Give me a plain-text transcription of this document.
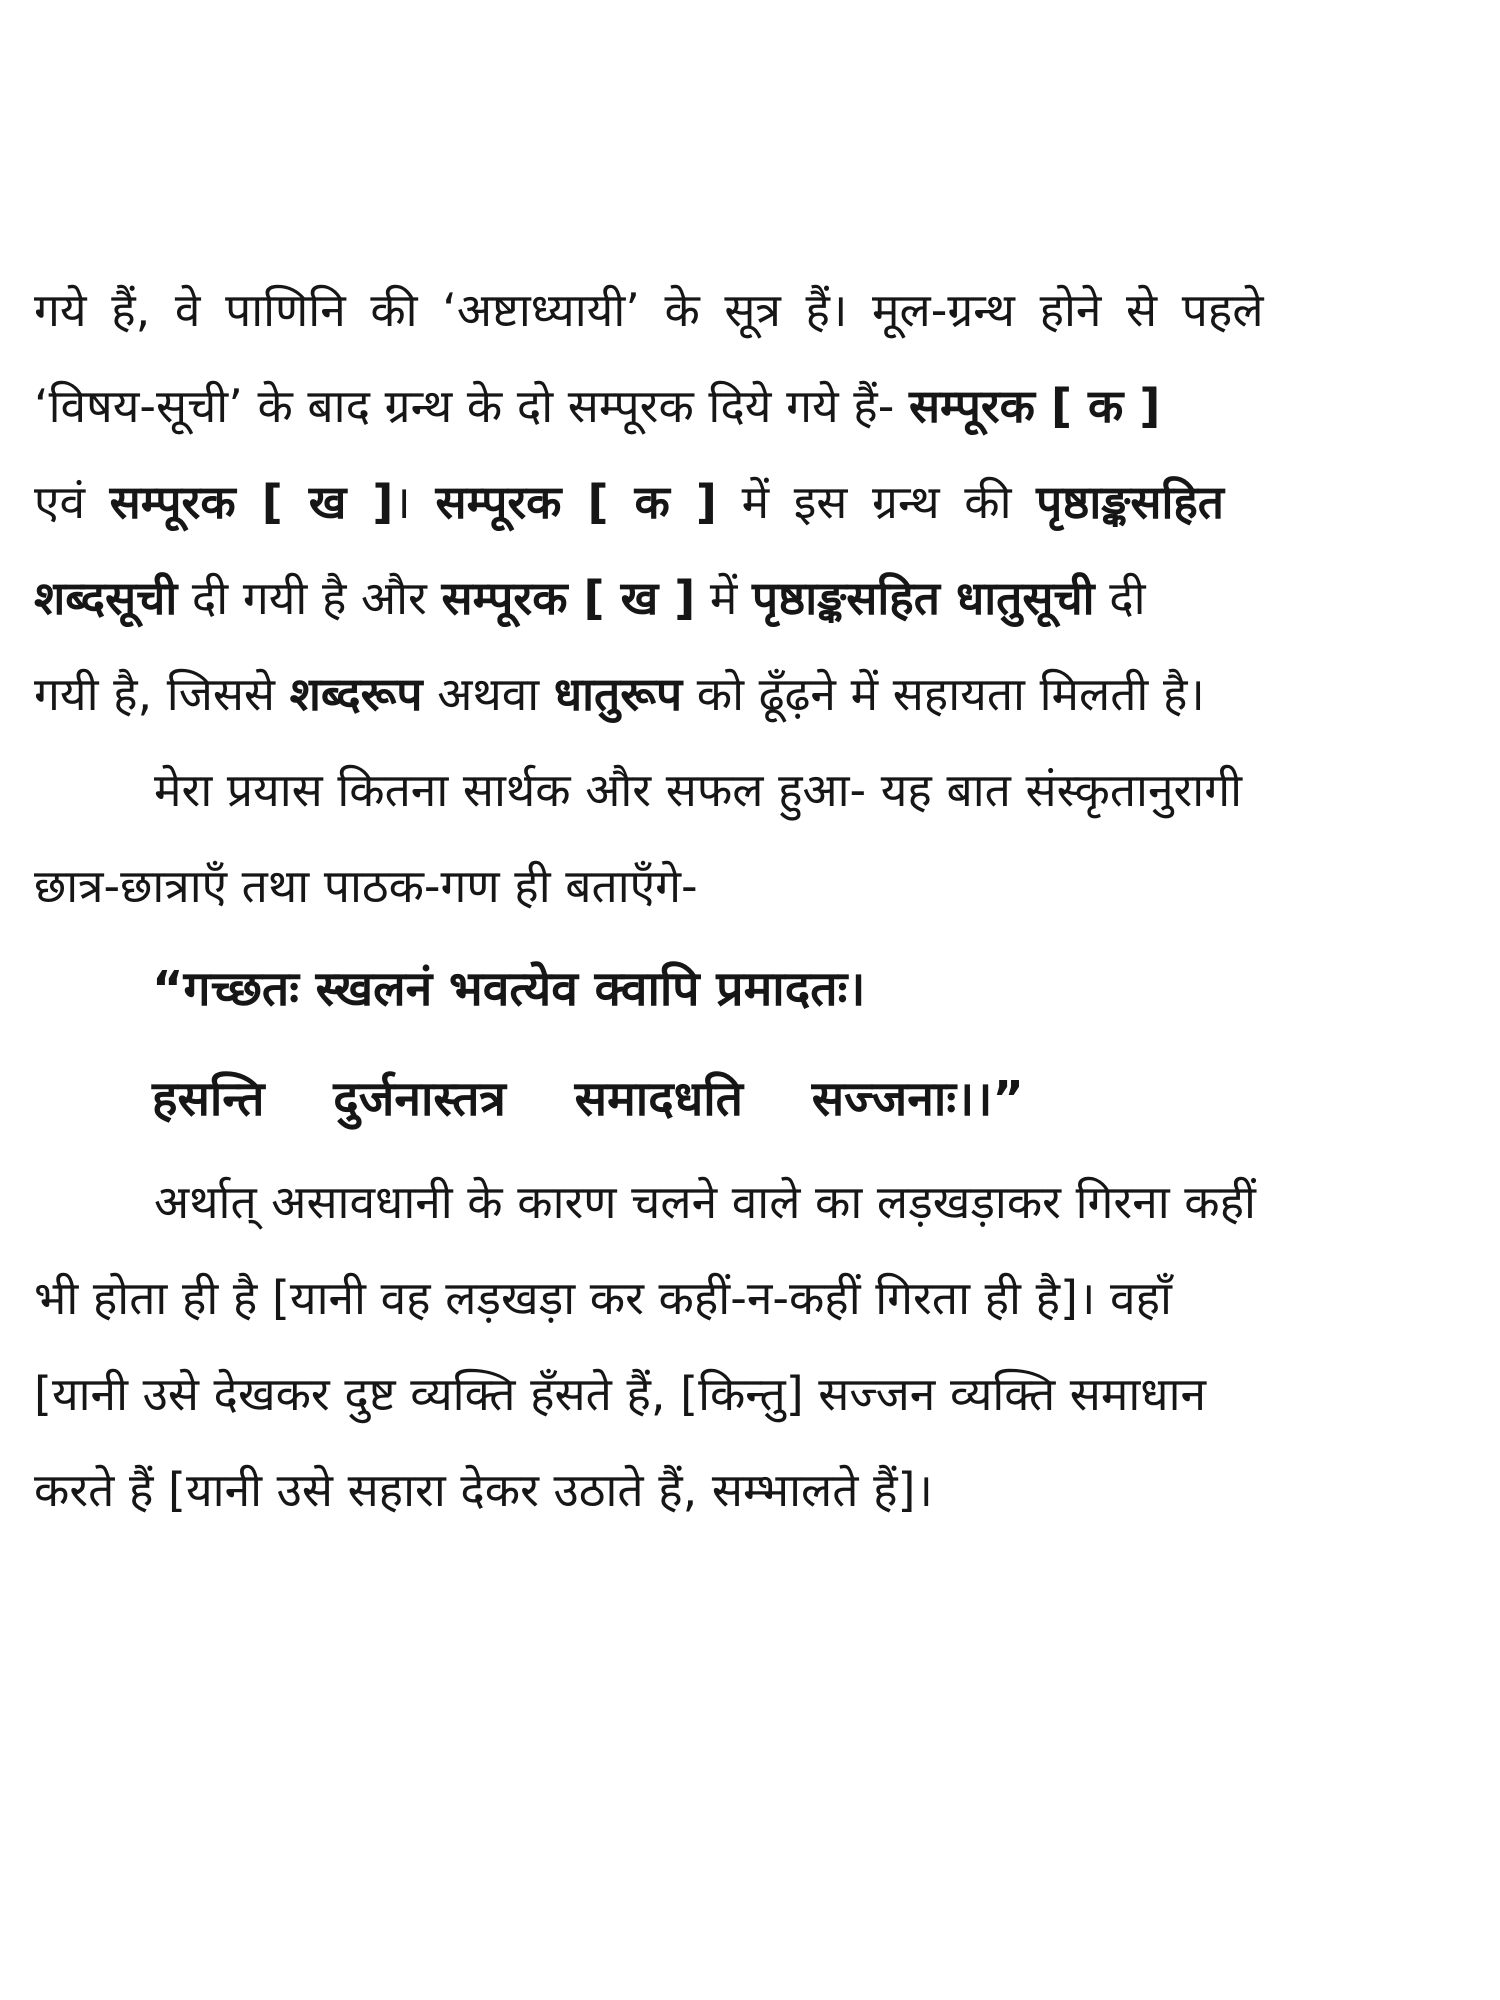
गये हैं, वे पाणिनि की ‘अष्टाध्यायी’ के सूत्र हैं। मूल-ग्रन्थ होने से पहले
‘विषय-सूची’ के बाद ग्रन्थ के दो सम्पूरक दिये गये हैं- सम्पूरक [ क ]
एवं सम्पूरक [ ख ]। सम्पूरक [ क ] में इस ग्रन्थ की पृष्ठाङ्कसहित
शब्दसूची दी गयी है और सम्पूरक [ ख ] में पृष्ठाङ्कसहित धातुसूची दी
गयी है, जिससे शब्दरूप अथवा धातुरूप को ढूँढ़ने में सहायता मिलती है।
मेरा प्रयास कितना सार्थक और सफल हुआ- यह बात संस्कृतानुरागी
छात्र-छात्राएँ तथा पाठक-गण ही बताएँगे-
“गच्छतः स्खलनं भवत्येव क्वापि प्रमादतः।
हसन्ति दुर्जनास्तत्र समादधति सज्जनाः।।”
अर्थात् असावधानी के कारण चलने वाले का लड़खड़ाकर गिरना कहीं
भी होता ही है [यानी वह लड़खड़ा कर कहीं-न-कहीं गिरता ही है]। वहाँ
[यानी उसे देखकर दुष्ट व्यक्ति हँसते हैं, [किन्तु] सज्जन व्यक्ति समाधान
करते हैं [यानी उसे सहारा देकर उठाते हैं, सम्भालते हैं]।
